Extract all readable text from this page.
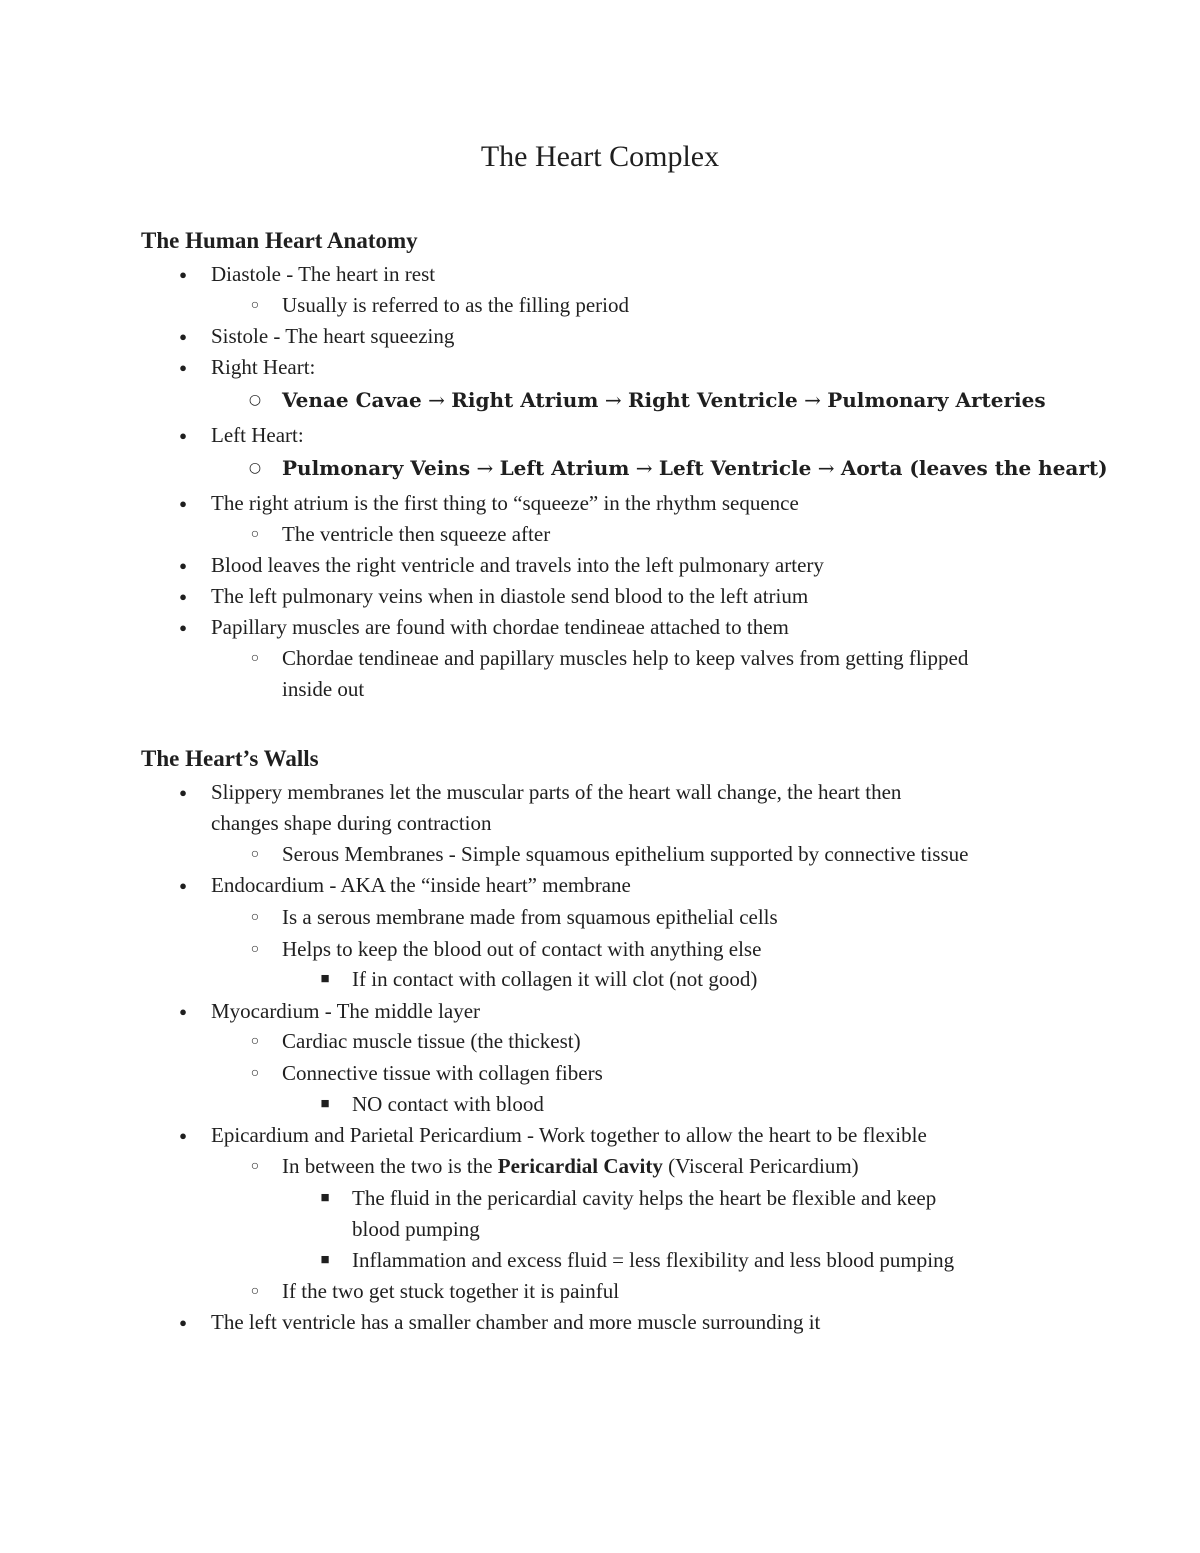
The Heart Complex
The Human Heart Anatomy
● Diastole - The heart in rest
○ Usually is referred to as the filling period
● Sistole - The heart squeezing
● Right Heart:
○ Venae Cavae → Right Atrium → Right Ventricle → Pulmonary Arteries
● Left Heart:
○ Pulmonary Veins → Left Atrium → Left Ventricle → Aorta (leaves the heart)
● The right atrium is the first thing to “squeeze” in the rhythm sequence
○ The ventricle then squeeze after
● Blood leaves the right ventricle and travels into the left pulmonary artery
● The left pulmonary veins when in diastole send blood to the left atrium
● Papillary muscles are found with chordae tendineae attached to them
○ Chordae tendineae and papillary muscles help to keep valves from getting flipped
inside out
The Heart’s Walls
● Slippery membranes let the muscular parts of the heart wall change, the heart then
changes shape during contraction
○ Serous Membranes - Simple squamous epithelium supported by connective tissue
● Endocardium - AKA the “inside heart” membrane
○ Is a serous membrane made from squamous epithelial cells
○ Helps to keep the blood out of contact with anything else
■ If in contact with collagen it will clot (not good)
● Myocardium - The middle layer
○ Cardiac muscle tissue (the thickest)
○ Connective tissue with collagen fibers
■ NO contact with blood
● Epicardium and Parietal Pericardium - Work together to allow the heart to be flexible
○ In between the two is the Pericardial Cavity (Visceral Pericardium)
■ The fluid in the pericardial cavity helps the heart be flexible and keep
blood pumping
■ Inflammation and excess fluid = less flexibility and less blood pumping
○ If the two get stuck together it is painful
● The left ventricle has a smaller chamber and more muscle surrounding it
